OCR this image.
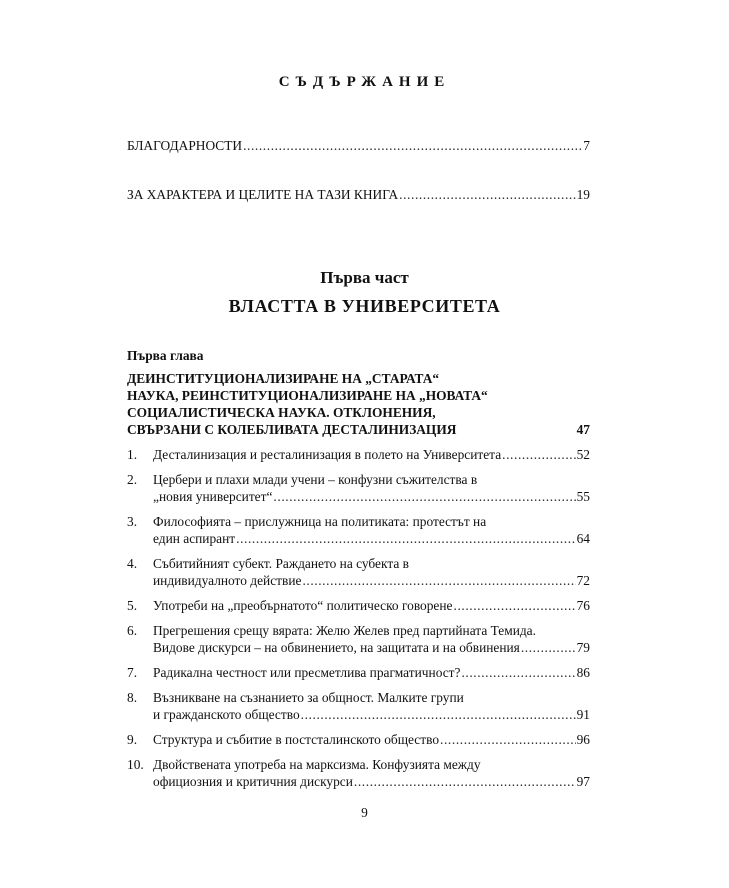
СЪДЪРЖАНИЕ
БЛАГОДАРНОСТИ .....	7
ЗА ХАРАКТЕРА И ЦЕЛИТЕ НА ТАЗИ КНИГА .....	19
Първа част
ВЛАСТТА В УНИВЕРСИТЕТА
Първа глава
ДЕИНСТИТУЦИОНАЛИЗИРАНЕ НА „СТАРАТА“
НАУКА, РЕИНСТИТУЦИОНАЛИЗИРАНЕ НА „НОВАТА“
СОЦИАЛИСТИЧЕСКА НАУКА. ОТКЛОНЕНИЯ,
СВЪРЗАНИ С КОЛЕБЛИВАТА ДЕСТАЛИНИЗАЦИЯ	47
1. Десталинизация и ресталинизация в полето на Университета .....	52
2. Цербери и плахи млади учени – конфузни съжителства в
„новия университет“ .....	55
3. Философията – прислужница на политиката: протестът на
един аспирант .....	64
4. Събитийният субект. Раждането на субекта в
индивидуалното действие .....	72
5. Употреби на „преобърнатото“ политическо говорене .....	76
6. Прегрешения срещу вярата: Желю Желев пред партийната Темида.
Видове дискурси – на обвинението, на защитата и на обвинения .....	79
7. Радикална честност или пресметлива прагматичност? .....	86
8. Възникване на съзнанието за общност. Малките групи
и гражданското общество .....	91
9. Структура и събитие в постсталинското общество .....	96
10. Двойствената употреба на марксизма. Конфузията между
официозния и критичния дискурси .....	97
9
